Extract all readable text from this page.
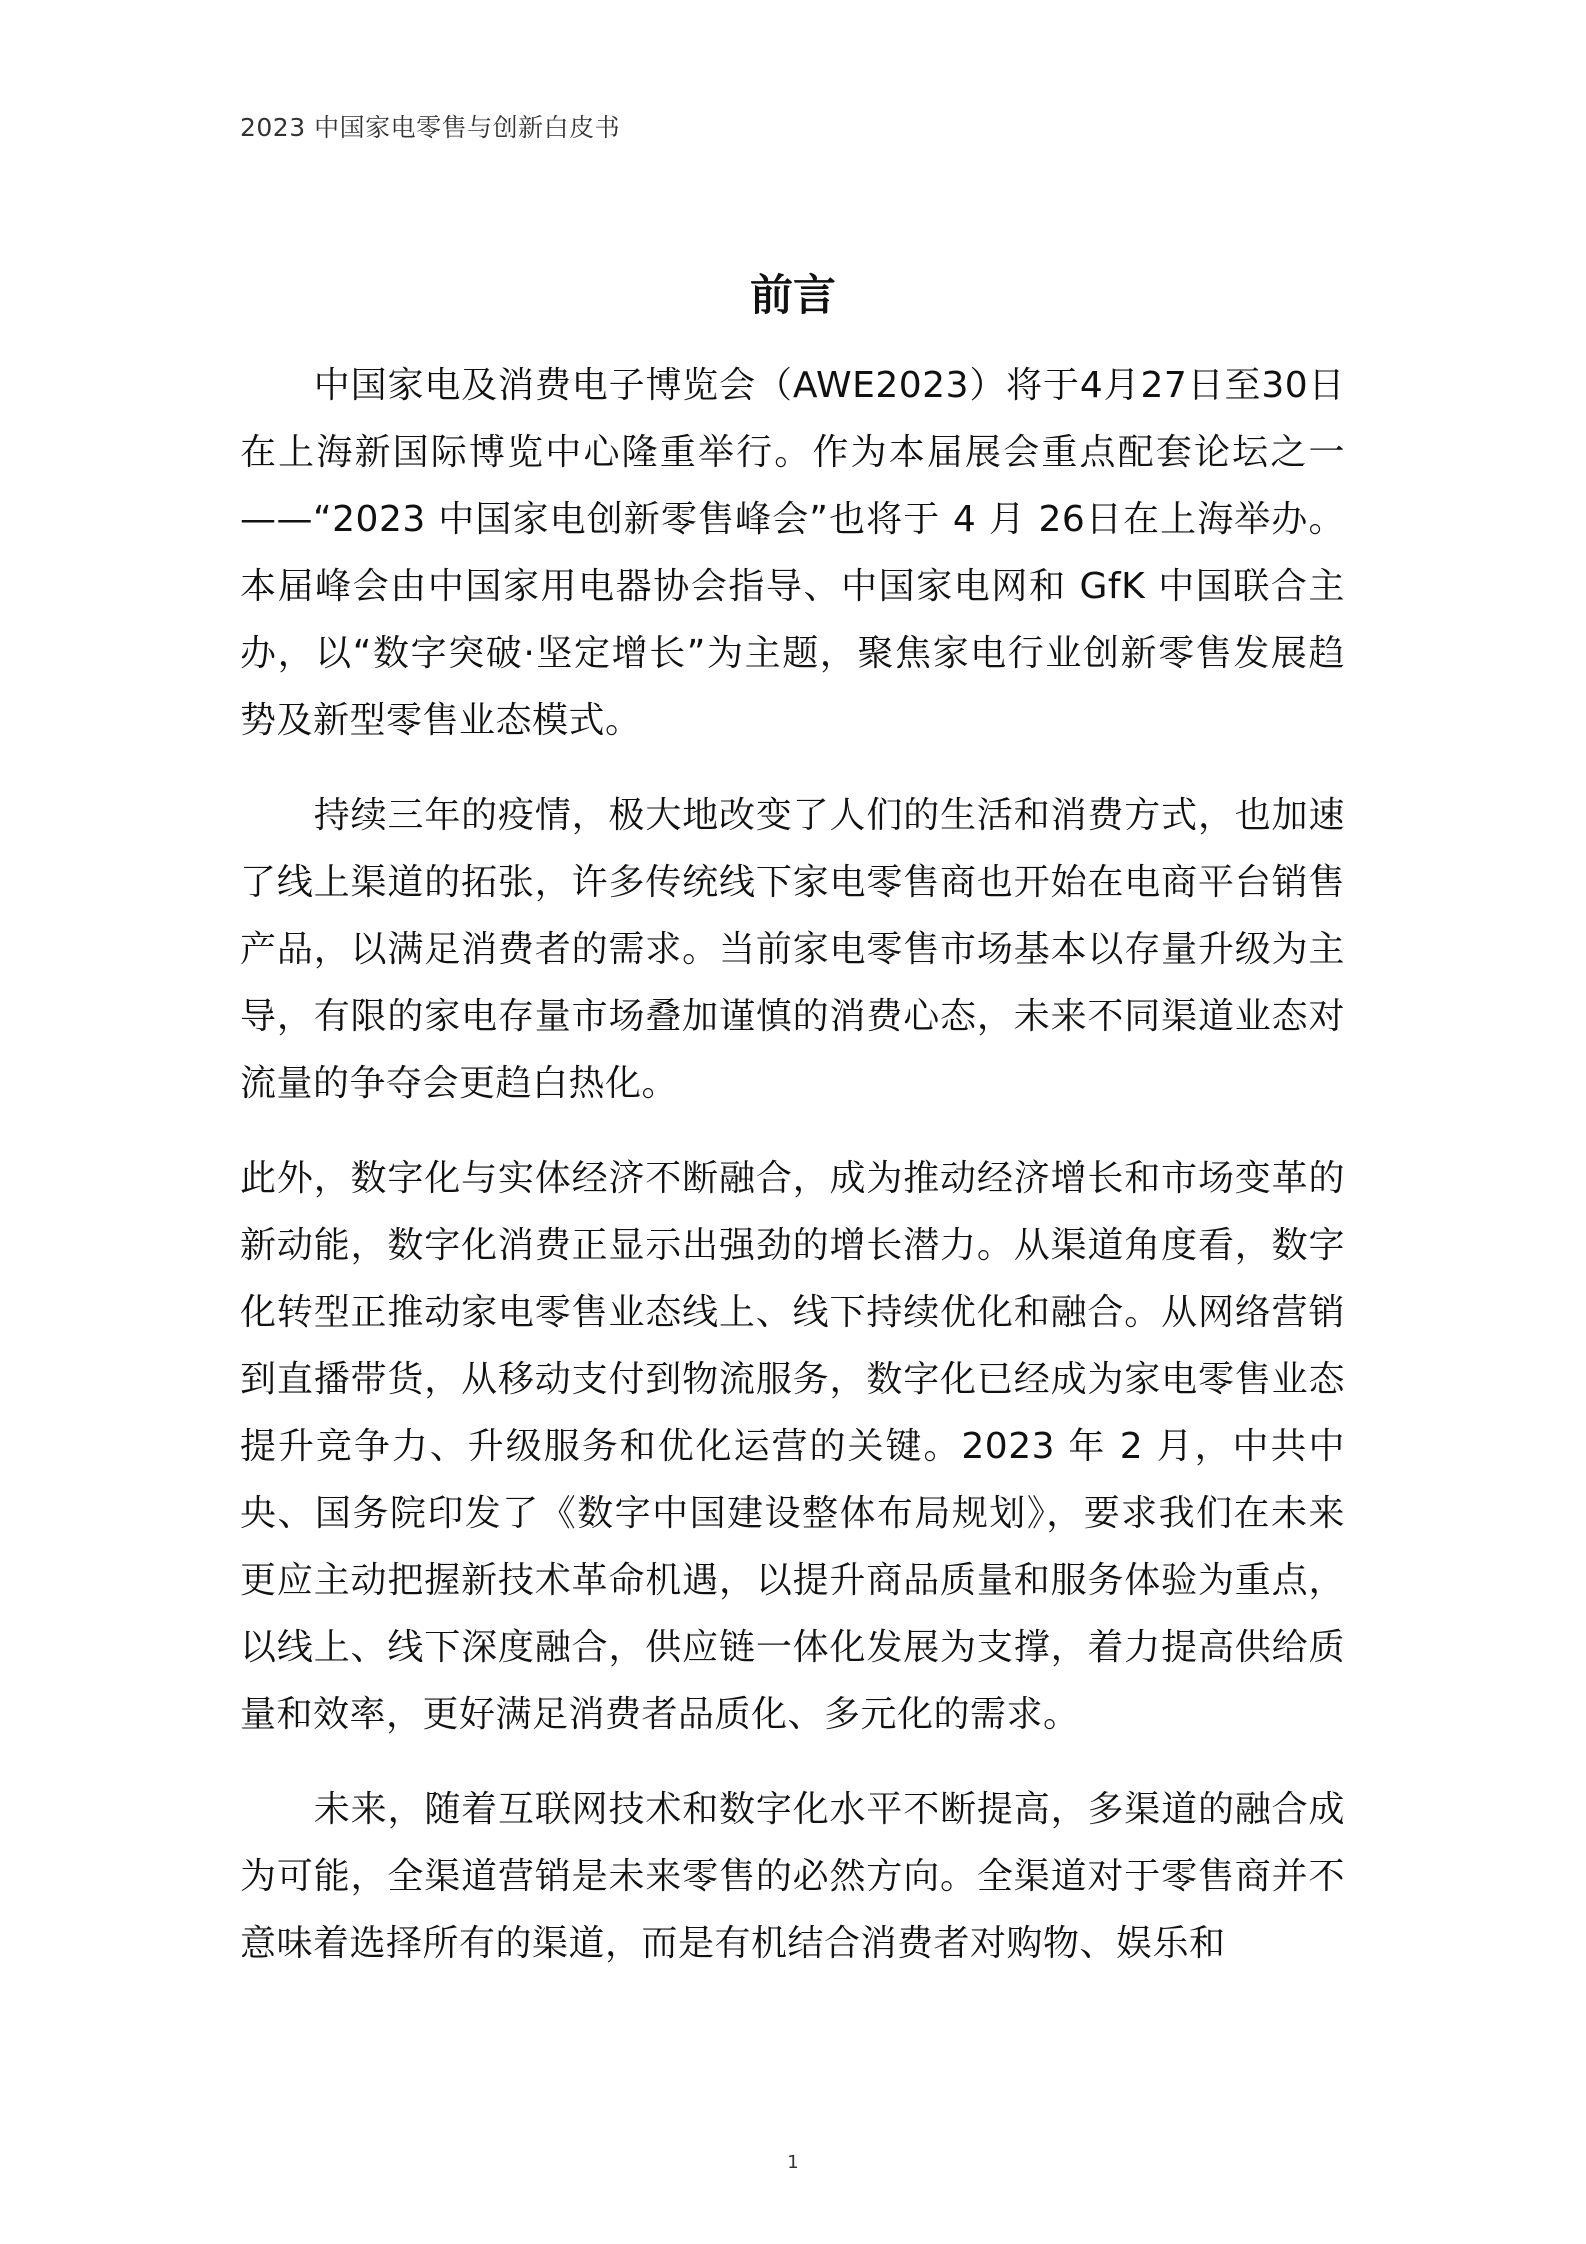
2023 中国家电零售与创新白皮书
前言

中国家电及消费电子博览会（AWE2023）将于4月27日至30日在上海新国际博览中心隆重举行。作为本届展会重点配套论坛之一——“2023 中国家电创新零售峰会”也将于 4 月 26日在上海举办。本届峰会由中国家用电器协会指导、中国家电网和 GfK 中国联合主办，以“数字突破·坚定增长”为主题，聚焦家电行业创新零售发展趋势及新型零售业态模式。

持续三年的疫情，极大地改变了人们的生活和消费方式，也加速了线上渠道的拓张，许多传统线下家电零售商也开始在电商平台销售产品，以满足消费者的需求。当前家电零售市场基本以存量升级为主导，有限的家电存量市场叠加谨慎的消费心态，未来不同渠道业态对流量的争夺会更趋白热化。

此外，数字化与实体经济不断融合，成为推动经济增长和市场变革的新动能，数字化消费正显示出强劲的增长潜力。从渠道角度看，数字化转型正推动家电零售业态线上、线下持续优化和融合。从网络营销到直播带货，从移动支付到物流服务，数字化已经成为家电零售业态提升竞争力、升级服务和优化运营的关键。2023 年 2 月，中共中央、国务院印发了《数字中国建设整体布局规划》，要求我们在未来更应主动把握新技术革命机遇，以提升商品质量和服务体验为重点，以线上、线下深度融合，供应链一体化发展为支撑，着力提高供给质量和效率，更好满足消费者品质化、多元化的需求。

未来，随着互联网技术和数字化水平不断提高，多渠道的融合成为可能，全渠道营销是未来零售的必然方向。全渠道对于零售商并不意味着选择所有的渠道，而是有机结合消费者对购物、娱乐和

1
